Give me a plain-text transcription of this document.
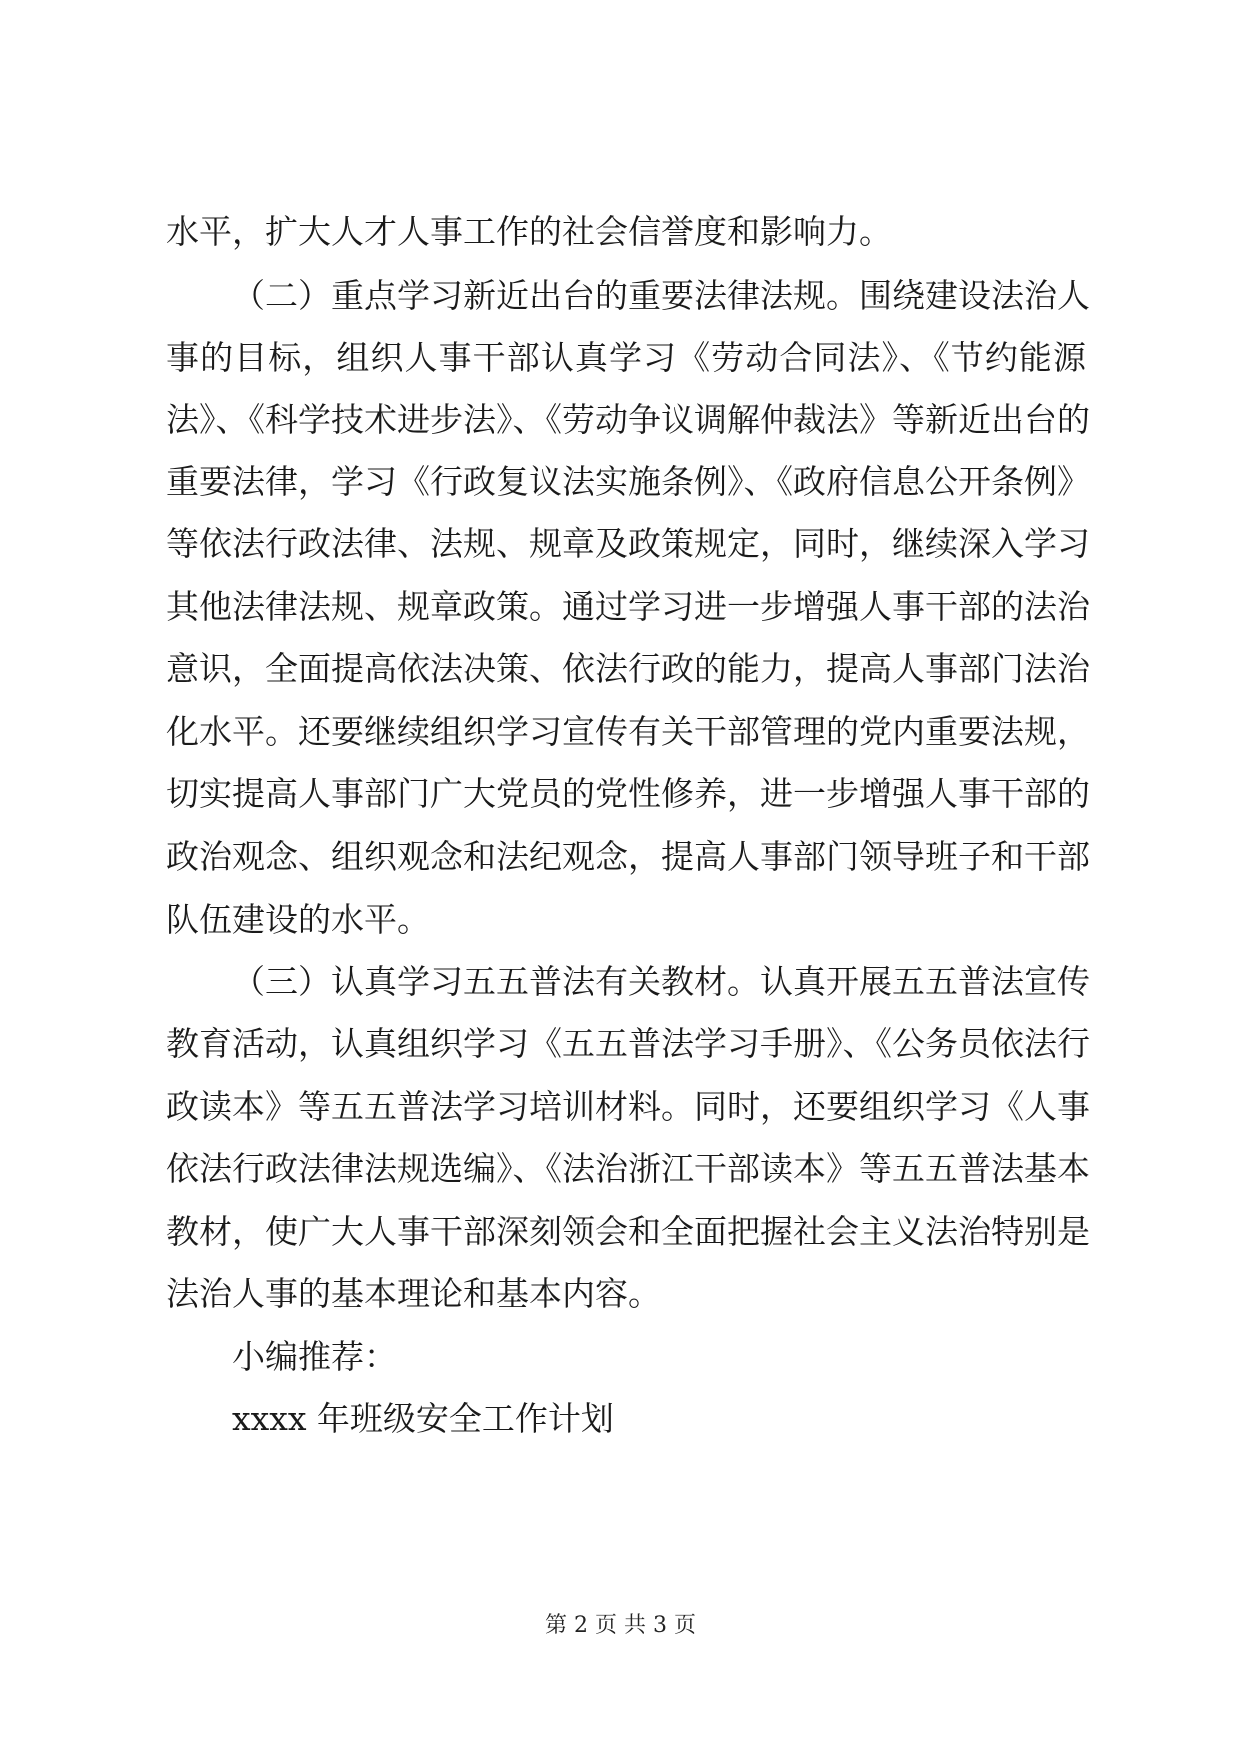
水平，扩大人才人事工作的社会信誉度和影响力。
（二）重点学习新近出台的重要法律法规。围绕建设法治人
事的目标，组织人事干部认真学习《劳动合同法》、《节约能源
法》、《科学技术进步法》、《劳动争议调解仲裁法》等新近出台的
重要法律，学习《行政复议法实施条例》、《政府信息公开条例》
等依法行政法律、法规、规章及政策规定，同时，继续深入学习
其他法律法规、规章政策。通过学习进一步增强人事干部的法治
意识，全面提高依法决策、依法行政的能力，提高人事部门法治
化水平。还要继续组织学习宣传有关干部管理的党内重要法规，
切实提高人事部门广大党员的党性修养，进一步增强人事干部的
政治观念、组织观念和法纪观念，提高人事部门领导班子和干部
队伍建设的水平。
（三）认真学习五五普法有关教材。认真开展五五普法宣传
教育活动，认真组织学习《五五普法学习手册》、《公务员依法行
政读本》等五五普法学习培训材料。同时，还要组织学习《人事
依法行政法律法规选编》、《法治浙江干部读本》等五五普法基本
教材，使广大人事干部深刻领会和全面把握社会主义法治特别是
法治人事的基本理论和基本内容。
小编推荐：
xxxx 年班级安全工作计划
第 2 页 共 3 页
